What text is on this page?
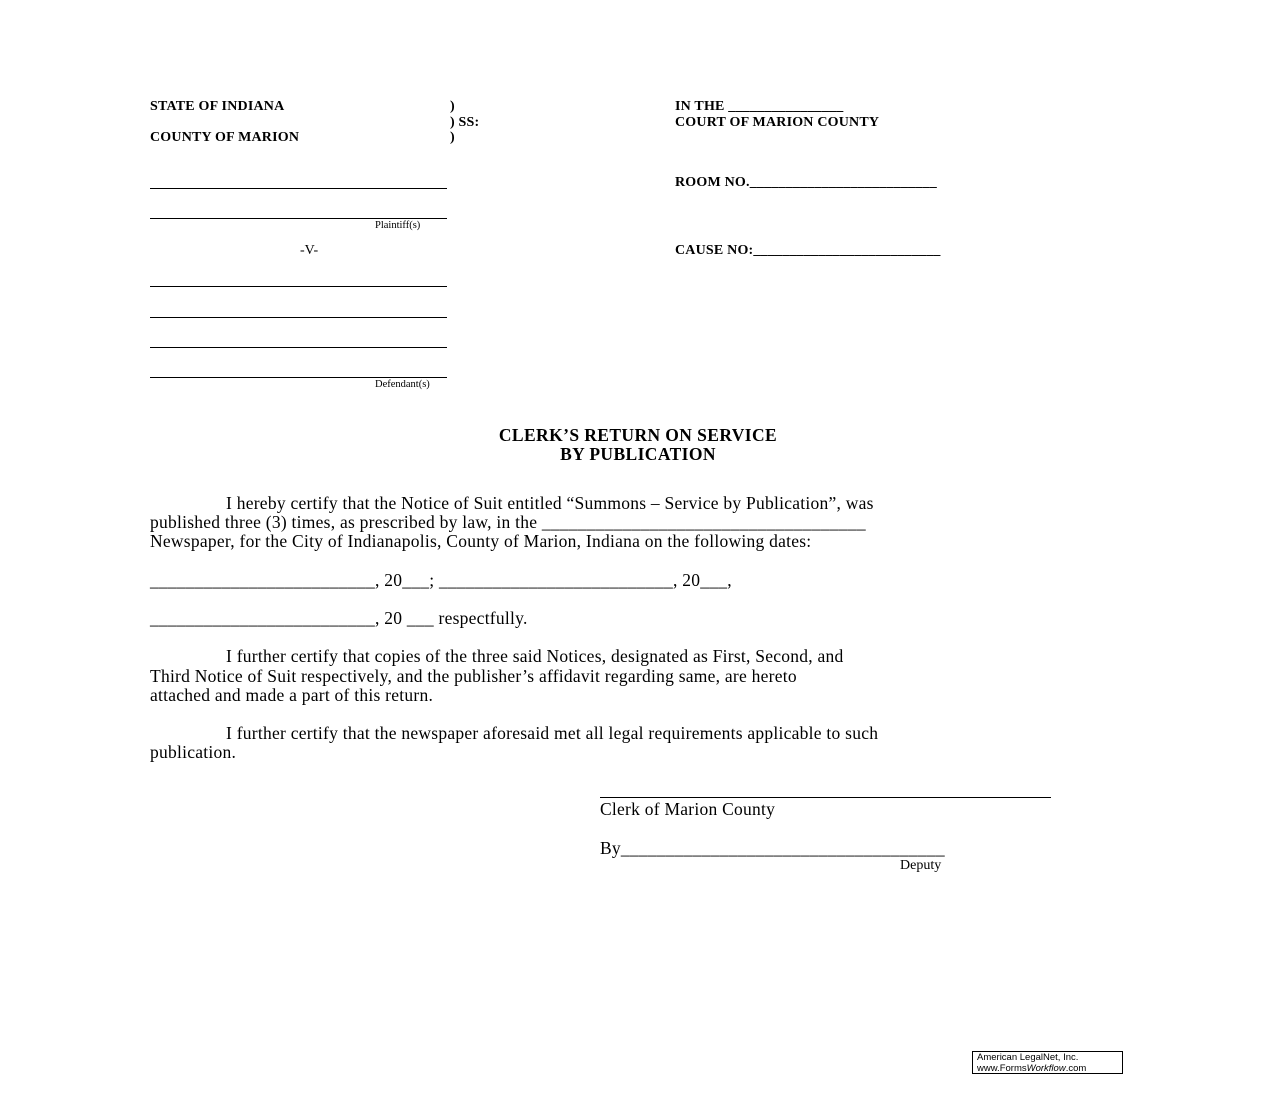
STATE OF INDIANA
COUNTY OF MARION
)
) SS:
)
IN THE ________________
COURT OF MARION COUNTY
ROOM NO.__________________________
CAUSE NO:__________________________
Plaintiff(s)
-V-
Defendant(s)
CLERK’S RETURN ON SERVICE
BY PUBLICATION
I hereby certify that the Notice of Suit entitled “Summons – Service by Publication”, was
published three (3) times, as prescribed by law, in the ____________________________________
Newspaper, for the City of Indianapolis, County of Marion, Indiana on the following dates:
_________________________, 20___; __________________________, 20___,
_________________________, 20 ___ respectfully.
I further certify that copies of the three said Notices, designated as First, Second, and
Third Notice of Suit respectively, and the publisher’s affidavit regarding same, are hereto
attached and made a part of this return.
I further certify that the newspaper aforesaid met all legal requirements applicable to such
publication.
Clerk of Marion County
By____________________________________
Deputy
American LegalNet, Inc.
www.FormsWorkflow.com
